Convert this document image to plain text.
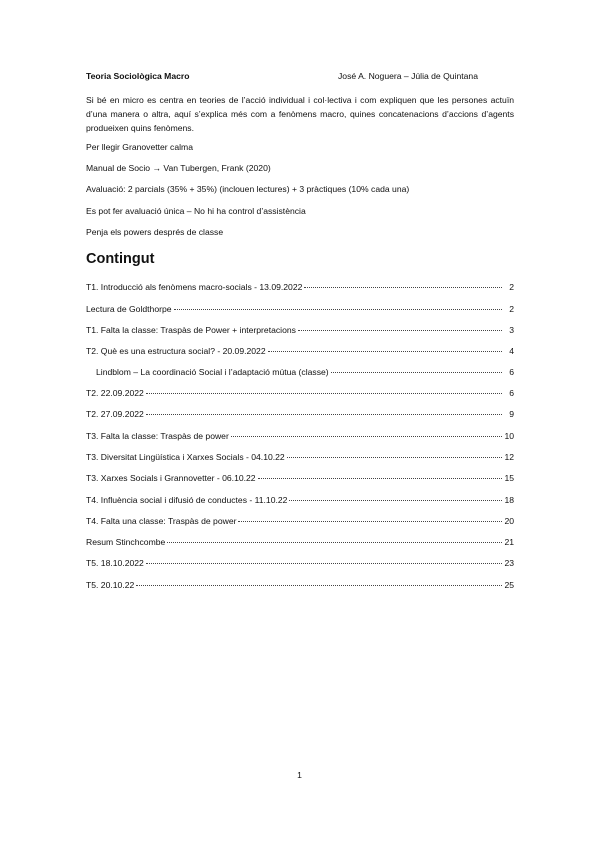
Teoria Sociològica Macro	José A. Noguera – Júlia de Quintana
Si bé en micro es centra en teories de l’acció individual i col·lectiva i com expliquen que les persones actuïn d’una manera o altra, aquí s’explica més com a fenòmens macro, quines concatenacions d’accions d’agents produeixen quins fenòmens.
Per llegir Granovetter calma
Manual de Socio → Van Tubergen, Frank (2020)
Avaluació: 2 parcials (35% + 35%) (inclouen lectures) + 3 pràctiques (10% cada una)
Es pot fer avaluació única – No hi ha control d’assistència
Penja els powers després de classe
Contingut
T1. Introducció als fenòmens macro-socials - 13.09.2022	2
Lectura de Goldthorpe	2
T1. Falta la classe: Traspàs de Power + interpretacions	3
T2. Què es una estructura social? - 20.09.2022	4
Lindblom – La coordinació Social i l’adaptació mútua (classe)	6
T2. 22.09.2022	6
T2. 27.09.2022	9
T3. Falta la classe: Traspàs de power	10
T3. Diversitat Lingüística i Xarxes Socials - 04.10.22	12
T3. Xarxes Socials i Grannovetter - 06.10.22	15
T4. Influència social i difusió de conductes - 11.10.22	18
T4. Falta una classe: Traspàs de power	20
Resum Stinchcombe	21
T5. 18.10.2022	23
T5. 20.10.22	25
1
